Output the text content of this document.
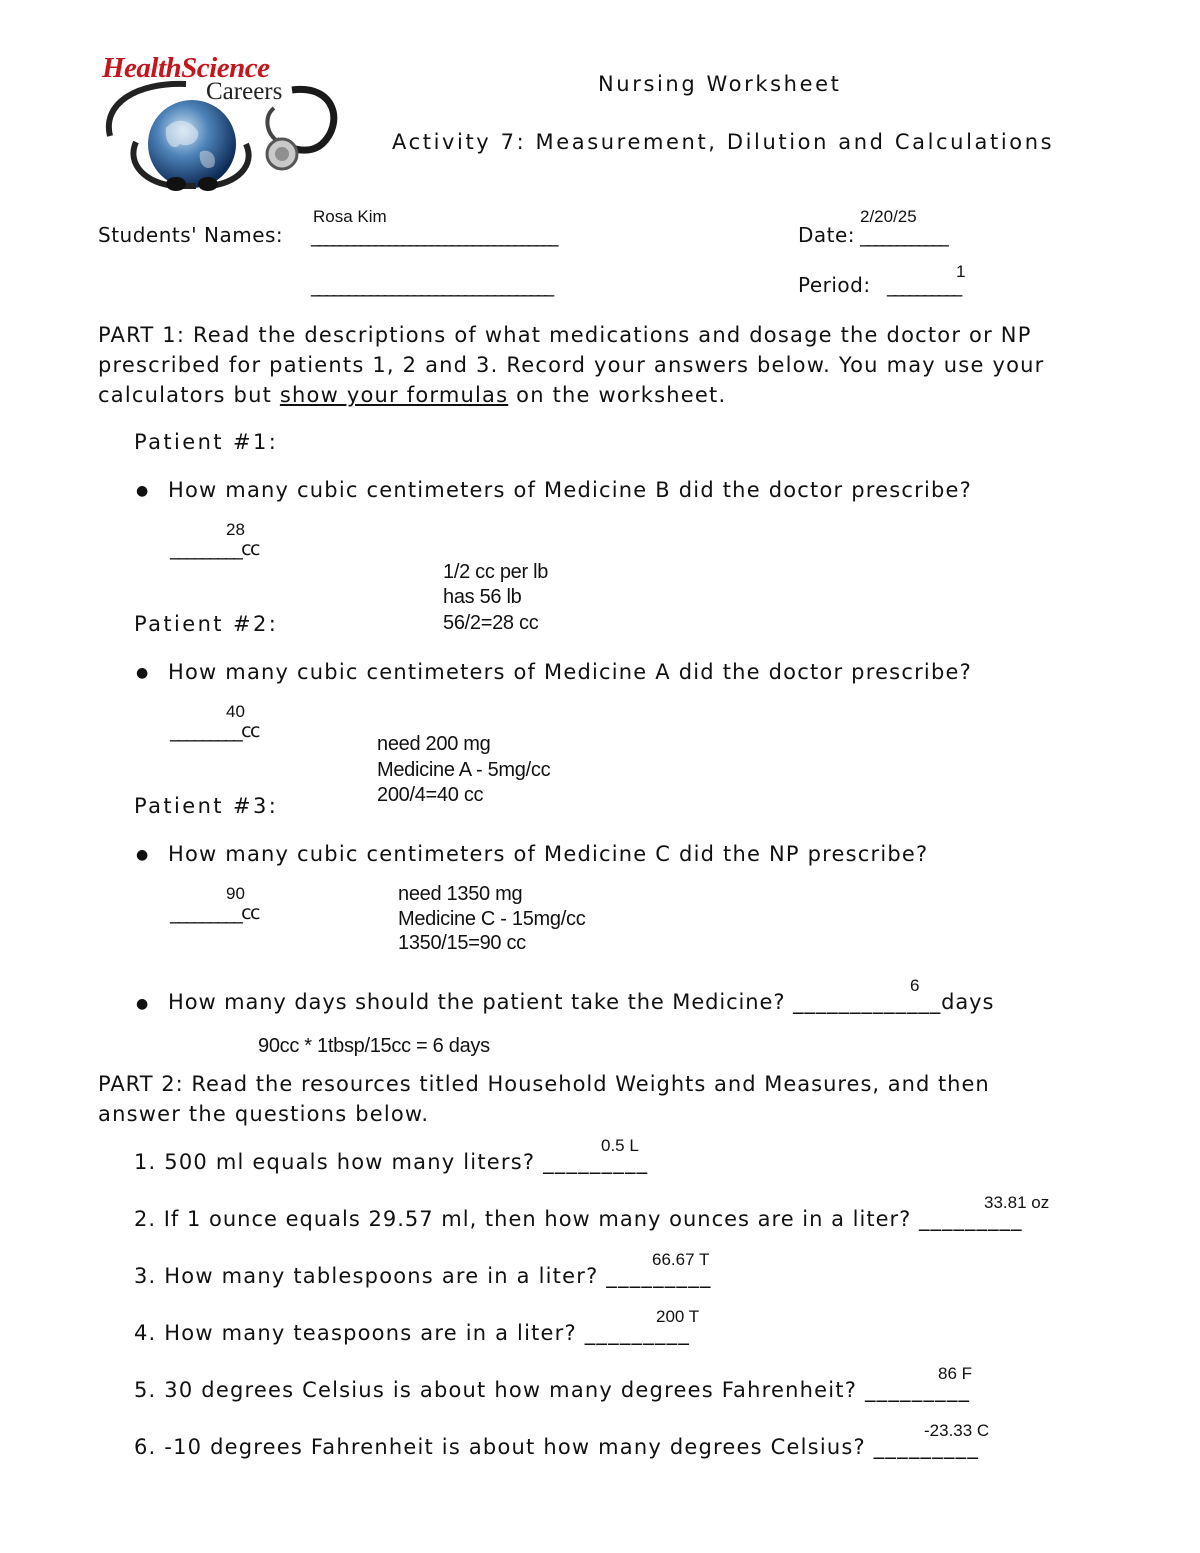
HealthScience
Careers	Nursing Worksheet
Activity 7: Measurement, Dilution and Calculations
Rosa Kim	2/20/25
Students' Names: ___________________________________	Date: ____________
1
_________________________________	Period: __________
PART 1: Read the descriptions of what medications and dosage the doctor or NP
prescribed for patients 1, 2 and 3. Record your answers below. You may use your
calculators but show your formulas on the worksheet.
Patient #1:
● How many cubic centimeters of Medicine B did the doctor prescribe?
28
_________cc
1/2 cc per lb
has 56 lb
56/2=28 cc
Patient #2:
● How many cubic centimeters of Medicine A did the doctor prescribe?
40
_________cc
need 200 mg
Medicine A - 5mg/cc
200/4=40 cc
Patient #3:
● How many cubic centimeters of Medicine C did the NP prescribe?
90
_________cc
need 1350 mg
Medicine C - 15mg/cc
1350/15=90 cc
6
● How many days should the patient take the Medicine? _____________days
90cc * 1tbsp/15cc = 6 days
PART 2: Read the resources titled Household Weights and Measures, and then
answer the questions below.
0.5 L
1. 500 ml equals how many liters? _________
33.81 oz
2. If 1 ounce equals 29.57 ml, then how many ounces are in a liter? _________
66.67 T
3. How many tablespoons are in a liter? _________
200 T
4. How many teaspoons are in a liter? _________
86 F
5. 30 degrees Celsius is about how many degrees Fahrenheit? _________
-23.33 C
6. -10 degrees Fahrenheit is about how many degrees Celsius? _________
